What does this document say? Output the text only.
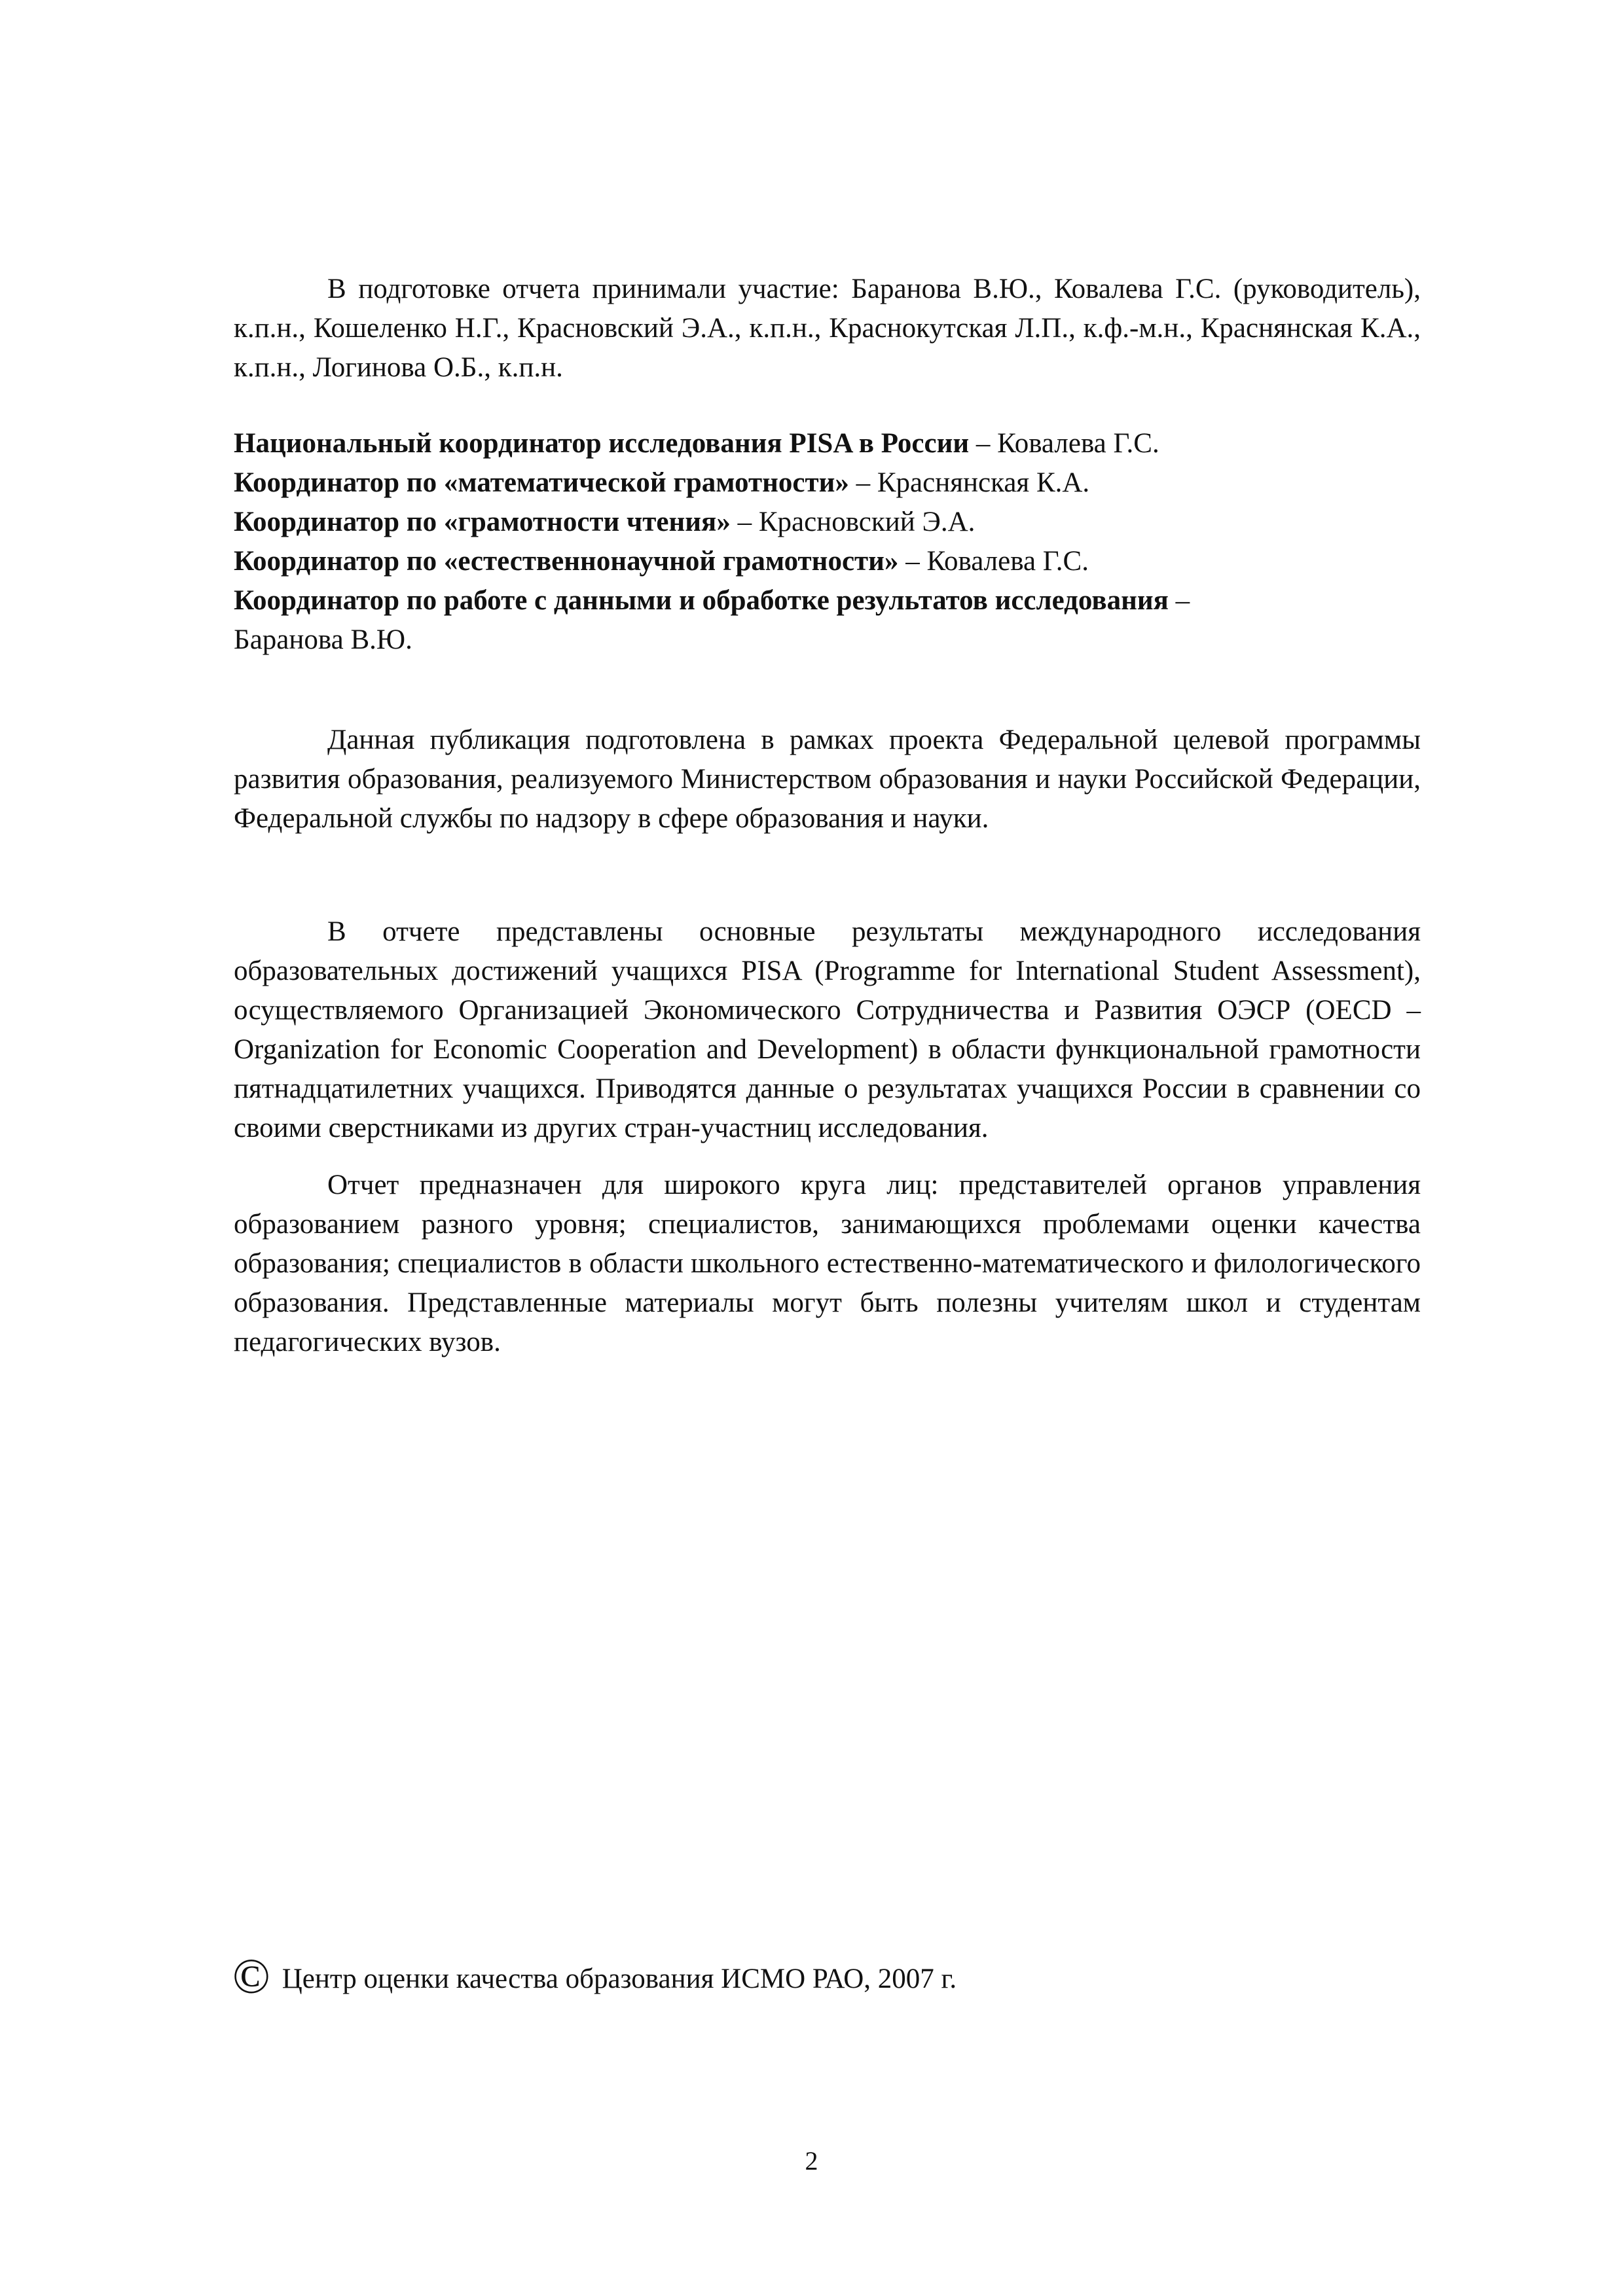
В подготовке отчета принимали участие: Баранова В.Ю., Ковалева Г.С. (руководитель), к.п.н., Кошеленко Н.Г., Красновский Э.А., к.п.н., Краснокутская Л.П., к.ф.-м.н., Краснянская К.А., к.п.н., Логинова О.Б., к.п.н.

Национальный координатор исследования PISA в России – Ковалева Г.С.
Координатор по «математической грамотности» – Краснянская К.А.
Координатор по «грамотности чтения» – Красновский Э.А.
Координатор по «естественнонаучной грамотности» – Ковалева Г.С.
Координатор по работе с данными и обработке результатов исследования –
Баранова В.Ю.

Данная публикация подготовлена в рамках проекта Федеральной целевой программы развития образования, реализуемого Министерством образования и науки Российской Федерации, Федеральной службы по надзору в сфере образования и науки.

В отчете представлены основные результаты международного исследования образовательных достижений учащихся PISA (Programme for International Student Assessment), осуществляемого Организацией Экономического Сотрудничества и Развития ОЭСР (OECD – Organization for Economic Cooperation and Development) в области функциональной грамотности пятнадцатилетних учащихся. Приводятся данные о результатах учащихся России в сравнении со своими сверстниками из других стран-участниц исследования.

Отчет предназначен для широкого круга лиц: представителей органов управления образованием разного уровня; специалистов, занимающихся проблемами оценки качества образования; специалистов в области школьного естественно-математического и филологического образования. Представленные материалы могут быть полезны учителям школ и студентам педагогических вузов.

© Центр оценки качества образования ИСМО РАО, 2007 г.
2
